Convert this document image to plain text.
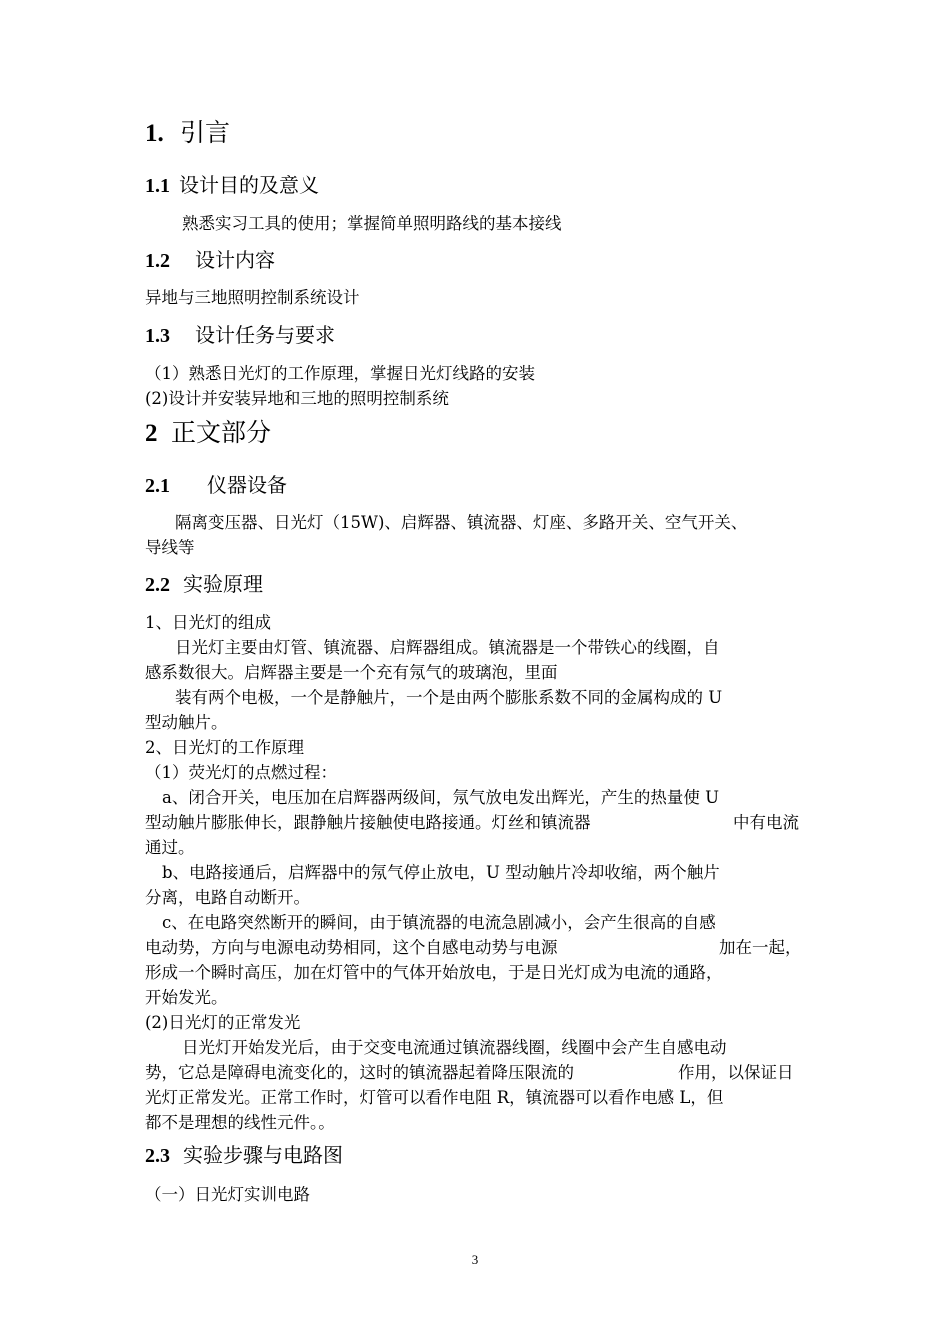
1. 引言
1.1 设计目的及意义
熟悉实习工具的使用；掌握简单照明路线的基本接线
1.2 设计内容
异地与三地照明控制系统设计
1.3 设计任务与要求
（1）熟悉日光灯的工作原理，掌握日光灯线路的安装
(2)设计并安装异地和三地的照明控制系统
2 正文部分
2.1 仪器设备
隔离变压器、日光灯（15W)、启辉器、镇流器、灯座、多路开关、空气开关、
导线等
2.2 实验原理
1、日光灯的组成
日光灯主要由灯管、镇流器、启辉器组成。镇流器是一个带铁心的线圈，自
感系数很大。启辉器主要是一个充有氖气的玻璃泡，里面
装有两个电极，一个是静触片，一个是由两个膨胀系数不同的金属构成的 U
型动触片。
2、日光灯的工作原理
（1）荧光灯的点燃过程：
a、闭合开关，电压加在启辉器两级间，氖气放电发出辉光，产生的热量使 U
型动触片膨胀伸长，跟静触片接触使电路接通。灯丝和镇流器	中有电流
通过。
b、电路接通后，启辉器中的氖气停止放电，U 型动触片冷却收缩，两个触片
分离，电路自动断开。
c、在电路突然断开的瞬间，由于镇流器的电流急剧减小，会产生很高的自感
电动势，方向与电源电动势相同，这个自感电动势与电源	加在一起，
形成一个瞬时高压，加在灯管中的气体开始放电，于是日光灯成为电流的通路，
开始发光。
(2)日光灯的正常发光
日光灯开始发光后，由于交变电流通过镇流器线圈，线圈中会产生自感电动
势，它总是障碍电流变化的，这时的镇流器起着降压限流的	作用，以保证日
光灯正常发光。正常工作时，灯管可以看作电阻 R，镇流器可以看作电感 L，但
都不是理想的线性元件。。
2.3 实验步骤与电路图
（一）日光灯实训电路
3
